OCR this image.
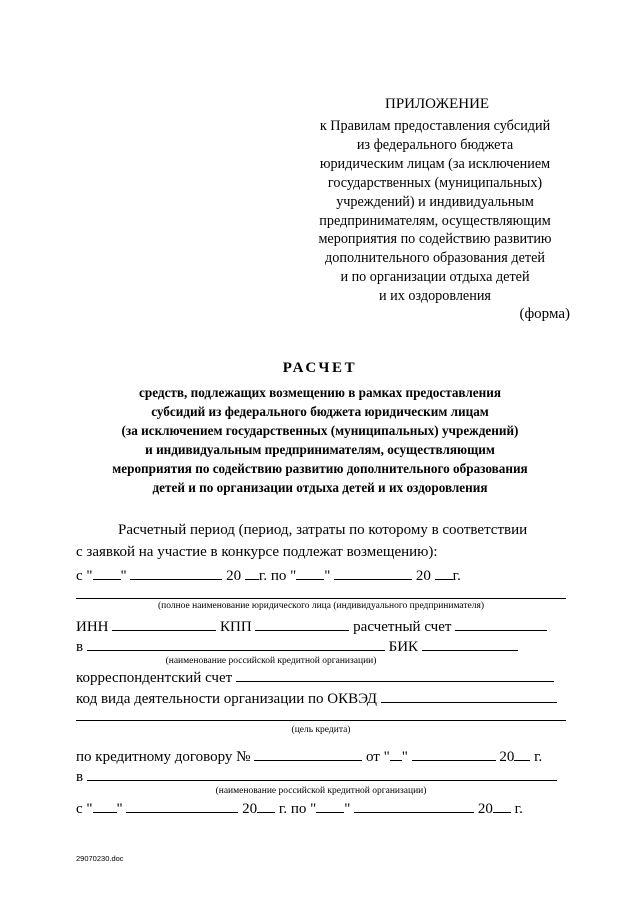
ПРИЛОЖЕНИЕ
к Правилам предоставления субсидий
из федерального бюджета
юридическим лицам (за исключением
государственных (муниципальных)
учреждений) и индивидуальным
предпринимателям, осуществляющим
мероприятия по содействию развитию
дополнительного образования детей
и по организации отдыха детей
и их оздоровления
(форма)
РАСЧЕТ
средств, подлежащих возмещению в рамках предоставления
субсидий из федерального бюджета юридическим лицам
(за исключением государственных (муниципальных) учреждений)
и индивидуальным предпринимателям, осуществляющим
мероприятия по содействию развитию дополнительного образования
детей и по организации отдыха детей и их оздоровления
Расчетный период (период, затраты по которому в соответствии
с заявкой на участие в конкурсе подлежат возмещению):
с " "	20 г. по " "	20 г.
(полное наименование юридического лица (индивидуального предпринимателя)
ИНН	КПП	расчетный счет
в	БИК
(наименование российской кредитной организации)
корреспондентский счет
код вида деятельности организации по ОКВЭД
(цель кредита)
по кредитному договору №	от " "	20 г.
в
(наименование российской кредитной организации)
с " "	20 г. по " "	20 г.
29070230.doc
